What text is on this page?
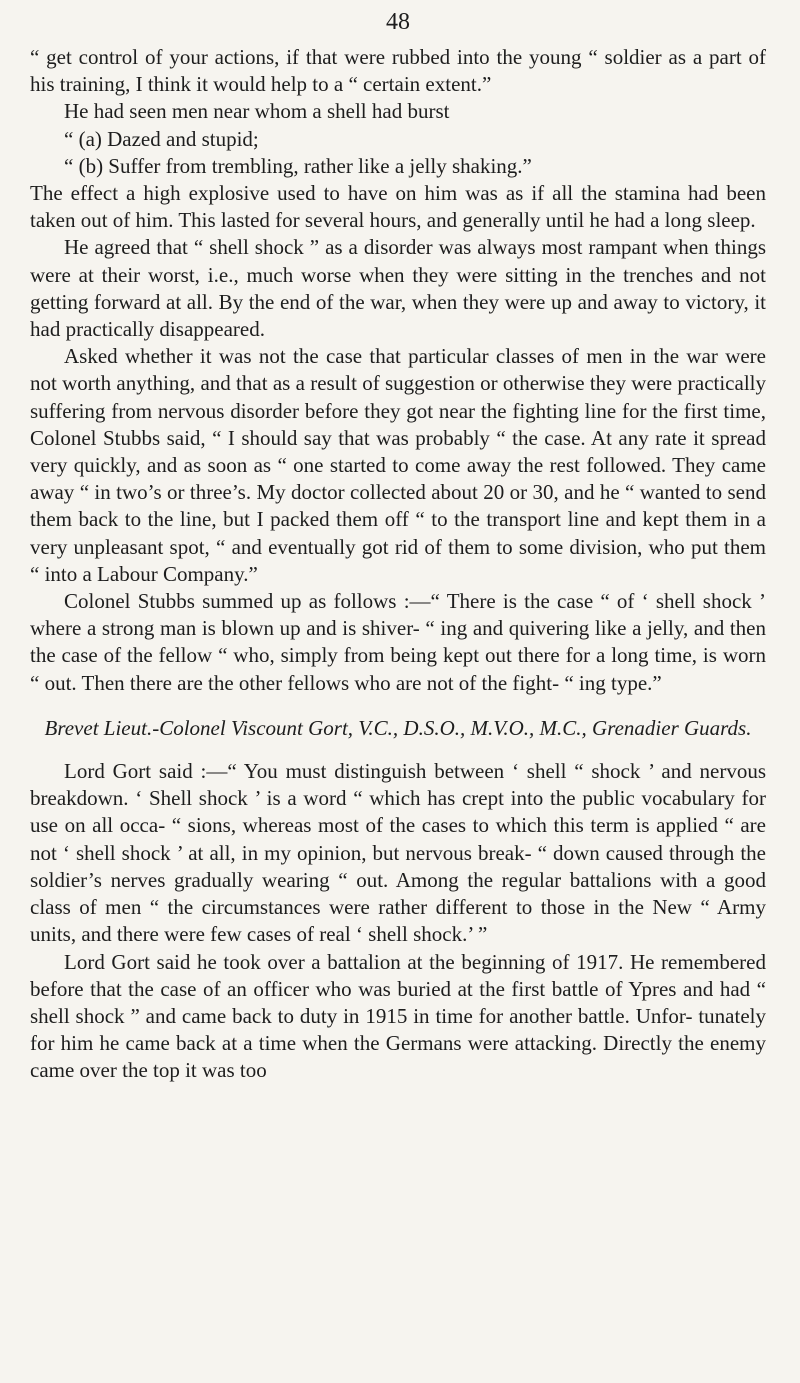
48

“ get control of your actions, if that were rubbed into the young “ soldier as a part of his training, I think it would help to a “ certain extent.”

He had seen men near whom a shell had burst

“ (a) Dazed and stupid;

“ (b) Suffer from trembling, rather like a jelly shaking.”

The effect a high explosive used to have on him was as if all the stamina had been taken out of him. This lasted for several hours, and generally until he had a long sleep.

He agreed that “ shell shock ” as a disorder was always most rampant when things were at their worst, i.e., much worse when they were sitting in the trenches and not getting forward at all. By the end of the war, when they were up and away to victory, it had practically disappeared.

Asked whether it was not the case that particular classes of men in the war were not worth anything, and that as a result of suggestion or otherwise they were practically suffering from nervous disorder before they got near the fighting line for the first time, Colonel Stubbs said, “ I should say that was probably “ the case. At any rate it spread very quickly, and as soon as “ one started to come away the rest followed. They came away “ in two’s or three’s. My doctor collected about 20 or 30, and he “ wanted to send them back to the line, but I packed them off “ to the transport line and kept them in a very unpleasant spot, “ and eventually got rid of them to some division, who put them “ into a Labour Company.”

Colonel Stubbs summed up as follows :—“ There is the case “ of ‘ shell shock ’ where a strong man is blown up and is shiver- “ ing and quivering like a jelly, and then the case of the fellow “ who, simply from being kept out there for a long time, is worn “ out. Then there are the other fellows who are not of the fight- “ ing type.”

Brevet Lieut.-Colonel Viscount Gort, V.C., D.S.O., M.V.O., M.C., Grenadier Guards.

Lord Gort said :—“ You must distinguish between ‘ shell “ shock ’ and nervous breakdown. ‘ Shell shock ’ is a word “ which has crept into the public vocabulary for use on all occa- “ sions, whereas most of the cases to which this term is applied “ are not ‘ shell shock ’ at all, in my opinion, but nervous break- “ down caused through the soldier’s nerves gradually wearing “ out. Among the regular battalions with a good class of men “ the circumstances were rather different to those in the New “ Army units, and there were few cases of real ‘ shell shock.’ ”

Lord Gort said he took over a battalion at the beginning of 1917. He remembered before that the case of an officer who was buried at the first battle of Ypres and had “ shell shock ” and came back to duty in 1915 in time for another battle. Unfor- tunately for him he came back at a time when the Germans were attacking. Directly the enemy came over the top it was too
